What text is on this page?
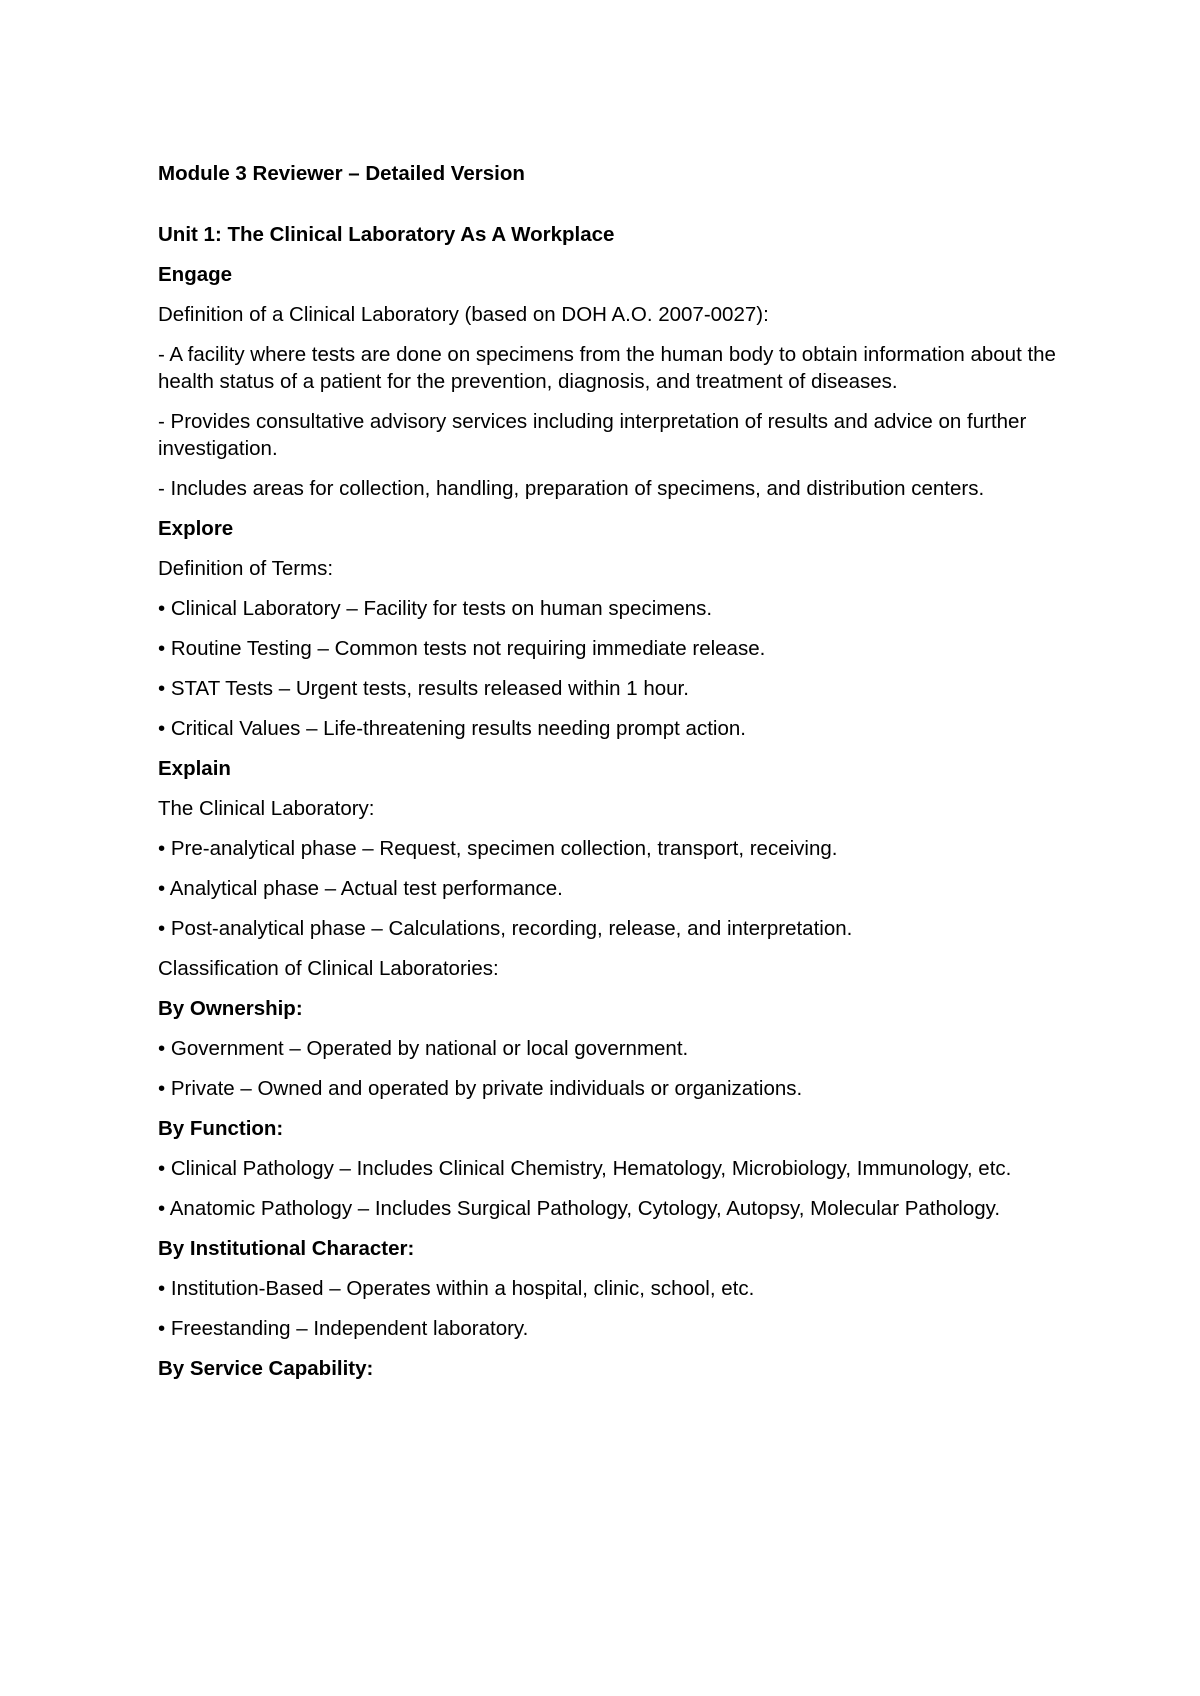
Module 3 Reviewer – Detailed Version

Unit 1: The Clinical Laboratory As A Workplace

Engage

Definition of a Clinical Laboratory (based on DOH A.O. 2007-0027):

- A facility where tests are done on specimens from the human body to obtain information about the health status of a patient for the prevention, diagnosis, and treatment of diseases.

- Provides consultative advisory services including interpretation of results and advice on further investigation.

- Includes areas for collection, handling, preparation of specimens, and distribution centers.

Explore

Definition of Terms:

• Clinical Laboratory – Facility for tests on human specimens.

• Routine Testing – Common tests not requiring immediate release.

• STAT Tests – Urgent tests, results released within 1 hour.

• Critical Values – Life-threatening results needing prompt action.

Explain

The Clinical Laboratory:

• Pre-analytical phase – Request, specimen collection, transport, receiving.

• Analytical phase – Actual test performance.

• Post-analytical phase – Calculations, recording, release, and interpretation.

Classification of Clinical Laboratories:

By Ownership:

• Government – Operated by national or local government.

• Private – Owned and operated by private individuals or organizations.

By Function:

• Clinical Pathology – Includes Clinical Chemistry, Hematology, Microbiology, Immunology, etc.

• Anatomic Pathology – Includes Surgical Pathology, Cytology, Autopsy, Molecular Pathology.

By Institutional Character:

• Institution-Based – Operates within a hospital, clinic, school, etc.

• Freestanding – Independent laboratory.

By Service Capability:
